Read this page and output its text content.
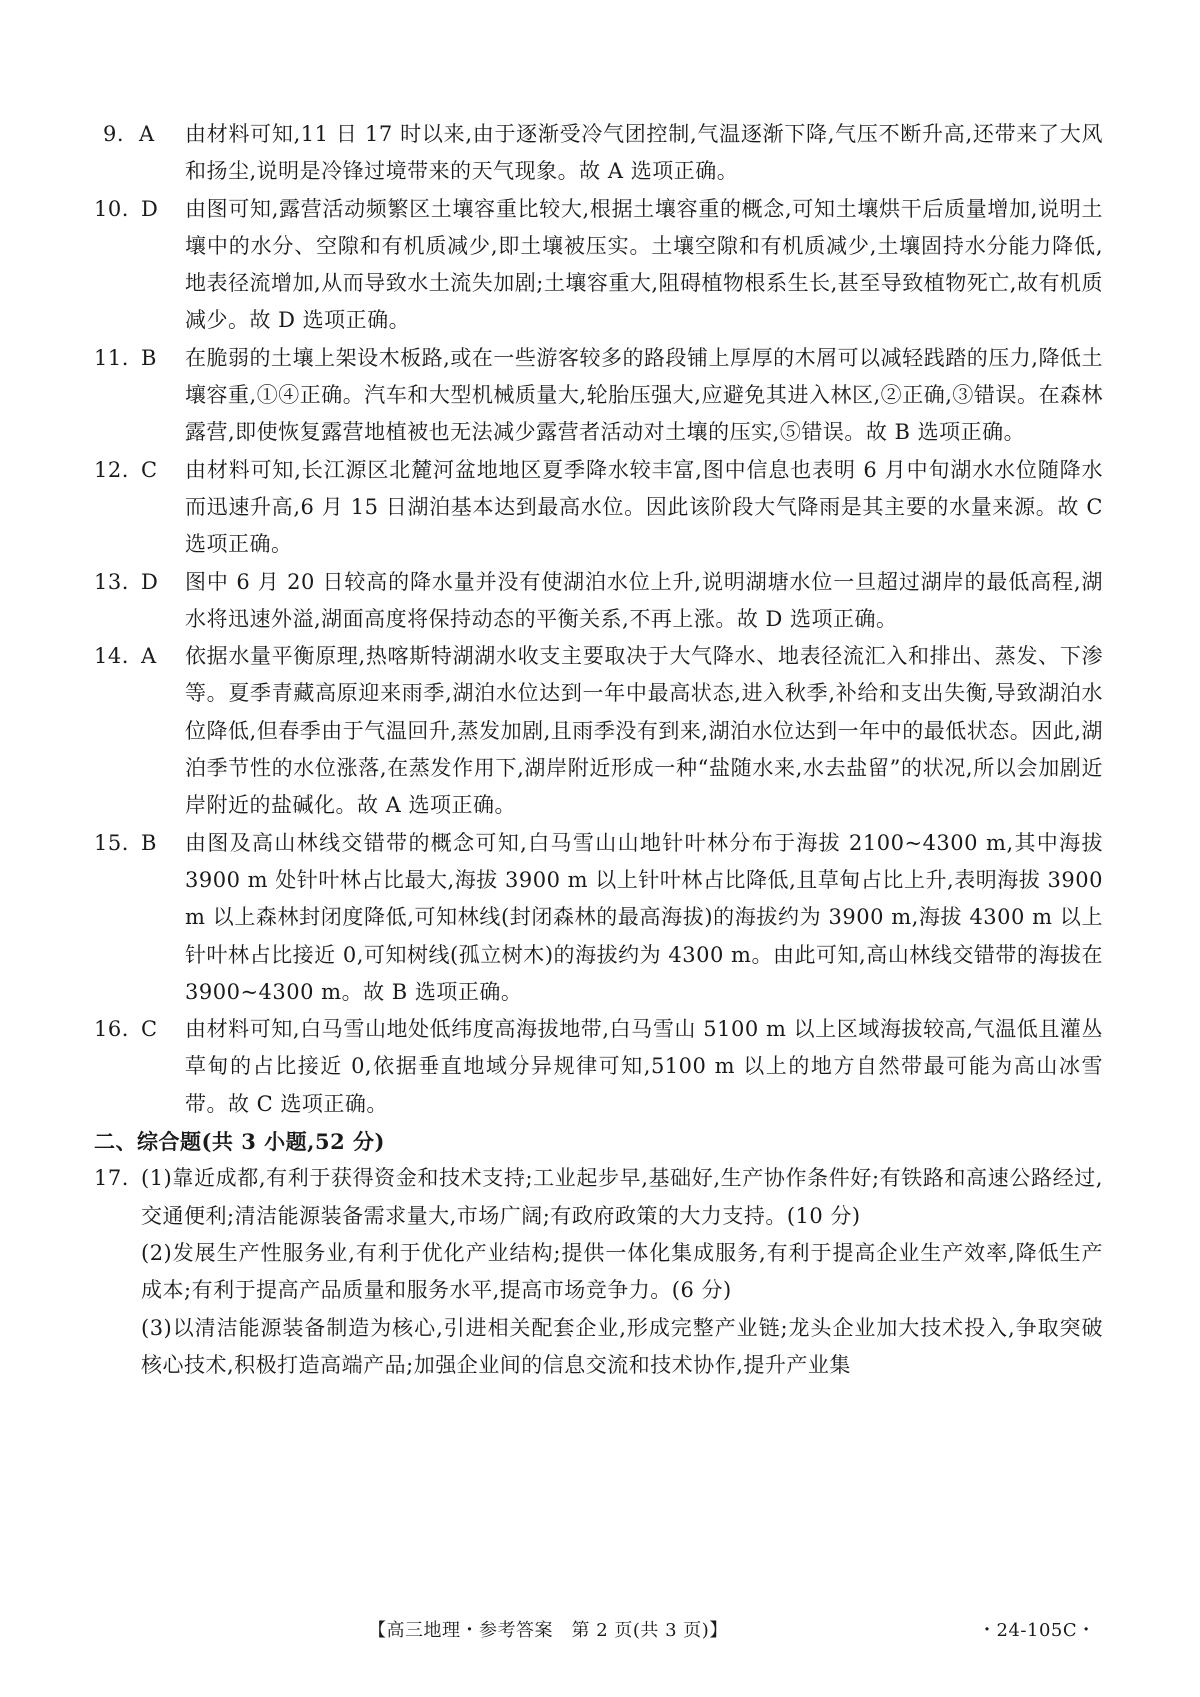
9. A	由材料可知,11 日 17 时以来,由于逐渐受冷气团控制,气温逐渐下降,气压不断升高,还带来了大风和扬尘,说明是冷锋过境带来的天气现象。故 A 选项正确。
10. D	由图可知,露营活动频繁区土壤容重比较大,根据土壤容重的概念,可知土壤烘干后质量增加,说明土壤中的水分、空隙和有机质减少,即土壤被压实。土壤空隙和有机质减少,土壤固持水分能力降低,地表径流增加,从而导致水土流失加剧;土壤容重大,阻碍植物根系生长,甚至导致植物死亡,故有机质减少。故 D 选项正确。
11. B	在脆弱的土壤上架设木板路,或在一些游客较多的路段铺上厚厚的木屑可以减轻践踏的压力,降低土壤容重,①④正确。汽车和大型机械质量大,轮胎压强大,应避免其进入林区,②正确,③错误。在森林露营,即使恢复露营地植被也无法减少露营者活动对土壤的压实,⑤错误。故 B 选项正确。
12. C	由材料可知,长江源区北麓河盆地地区夏季降水较丰富,图中信息也表明 6 月中旬湖水水位随降水而迅速升高,6 月 15 日湖泊基本达到最高水位。因此该阶段大气降雨是其主要的水量来源。故 C 选项正确。
13. D	图中 6 月 20 日较高的降水量并没有使湖泊水位上升,说明湖塘水位一旦超过湖岸的最低高程,湖水将迅速外溢,湖面高度将保持动态的平衡关系,不再上涨。故 D 选项正确。
14. A	依据水量平衡原理,热喀斯特湖湖水收支主要取决于大气降水、地表径流汇入和排出、蒸发、下渗等。夏季青藏高原迎来雨季,湖泊水位达到一年中最高状态,进入秋季,补给和支出失衡,导致湖泊水位降低,但春季由于气温回升,蒸发加剧,且雨季没有到来,湖泊水位达到一年中的最低状态。因此,湖泊季节性的水位涨落,在蒸发作用下,湖岸附近形成一种“盐随水来,水去盐留”的状况,所以会加剧近岸附近的盐碱化。故 A 选项正确。
15. B	由图及高山林线交错带的概念可知,白马雪山山地针叶林分布于海拔 2100~4300 m,其中海拔 3900 m 处针叶林占比最大,海拔 3900 m 以上针叶林占比降低,且草甸占比上升,表明海拔 3900 m 以上森林封闭度降低,可知林线(封闭森林的最高海拔)的海拔约为 3900 m,海拔 4300 m 以上针叶林占比接近 0,可知树线(孤立树木)的海拔约为 4300 m。由此可知,高山林线交错带的海拔在 3900~4300 m。故 B 选项正确。
16. C	由材料可知,白马雪山地处低纬度高海拔地带,白马雪山 5100 m 以上区域海拔较高,气温低且灌丛草甸的占比接近 0,依据垂直地域分异规律可知,5100 m 以上的地方自然带最可能为高山冰雪带。故 C 选项正确。
二、综合题(共 3 小题,52 分)
17. (1)靠近成都,有利于获得资金和技术支持;工业起步早,基础好,生产协作条件好;有铁路和高速公路经过,交通便利;清洁能源装备需求量大,市场广阔;有政府政策的大力支持。(10 分)
(2)发展生产性服务业,有利于优化产业结构;提供一体化集成服务,有利于提高企业生产效率,降低生产成本;有利于提高产品质量和服务水平,提高市场竞争力。(6 分)
(3)以清洁能源装备制造为核心,引进相关配套企业,形成完整产业链;龙头企业加大技术投入,争取突破核心技术,积极打造高端产品;加强企业间的信息交流和技术协作,提升产业集
【高三地理・参考答案　第 2 页(共 3 页)】	・24-105C・
